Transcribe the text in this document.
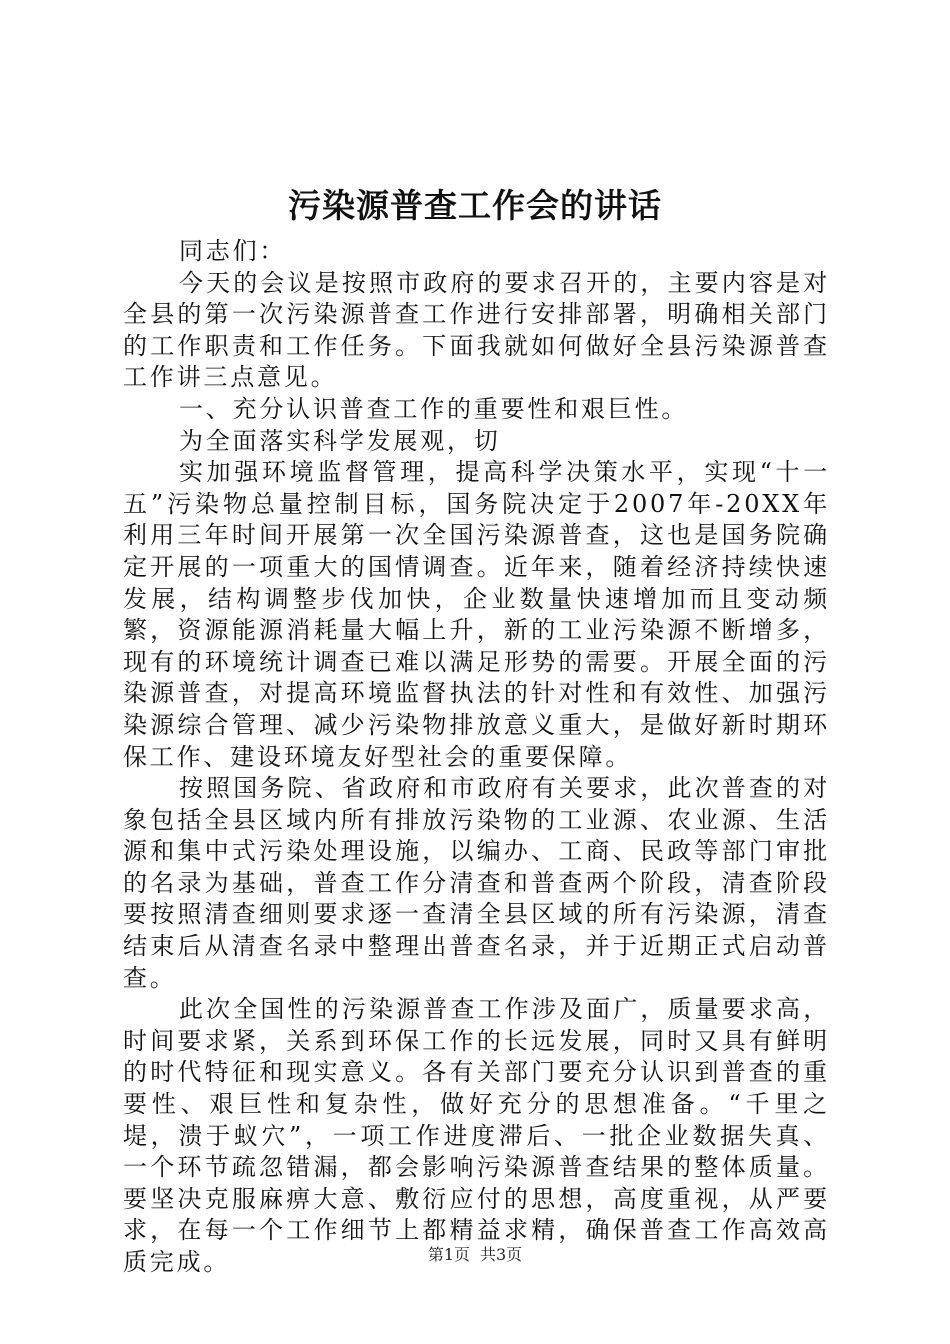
污染源普查工作会的讲话

同志们：

今天的会议是按照市政府的要求召开的，主要内容是对全县的第一次污染源普查工作进行安排部署，明确相关部门的工作职责和工作任务。下面我就如何做好全县污染源普查工作讲三点意见。

一、充分认识普查工作的重要性和艰巨性。

为全面落实科学发展观，切

实加强环境监督管理，提高科学决策水平，实现“十一五”污染物总量控制目标，国务院决定于2007年-20XX年利用三年时间开展第一次全国污染源普查，这也是国务院确定开展的一项重大的国情调查。近年来，随着经济持续快速发展，结构调整步伐加快，企业数量快速增加而且变动频繁，资源能源消耗量大幅上升，新的工业污染源不断增多，现有的环境统计调查已难以满足形势的需要。开展全面的污染源普查，对提高环境监督执法的针对性和有效性、加强污染源综合管理、减少污染物排放意义重大，是做好新时期环保工作、建设环境友好型社会的重要保障。

按照国务院、省政府和市政府有关要求，此次普查的对象包括全县区域内所有排放污染物的工业源、农业源、生活源和集中式污染处理设施，以编办、工商、民政等部门审批的名录为基础，普查工作分清查和普查两个阶段，清查阶段要按照清查细则要求逐一查清全县区域的所有污染源，清查结束后从清查名录中整理出普查名录，并于近期正式启动普查。

此次全国性的污染源普查工作涉及面广，质量要求高，时间要求紧，关系到环保工作的长远发展，同时又具有鲜明的时代特征和现实意义。各有关部门要充分认识到普查的重要性、艰巨性和复杂性，做好充分的思想准备。“千里之堤，溃于蚁穴”，一项工作进度滞后、一批企业数据失真、一个环节疏忽错漏，都会影响污染源普查结果的整体质量。要坚决克服麻痹大意、敷衍应付的思想，高度重视，从严要求，在每一个工作细节上都精益求精，确保普查工作高效高质完成。	第1页 共3页
